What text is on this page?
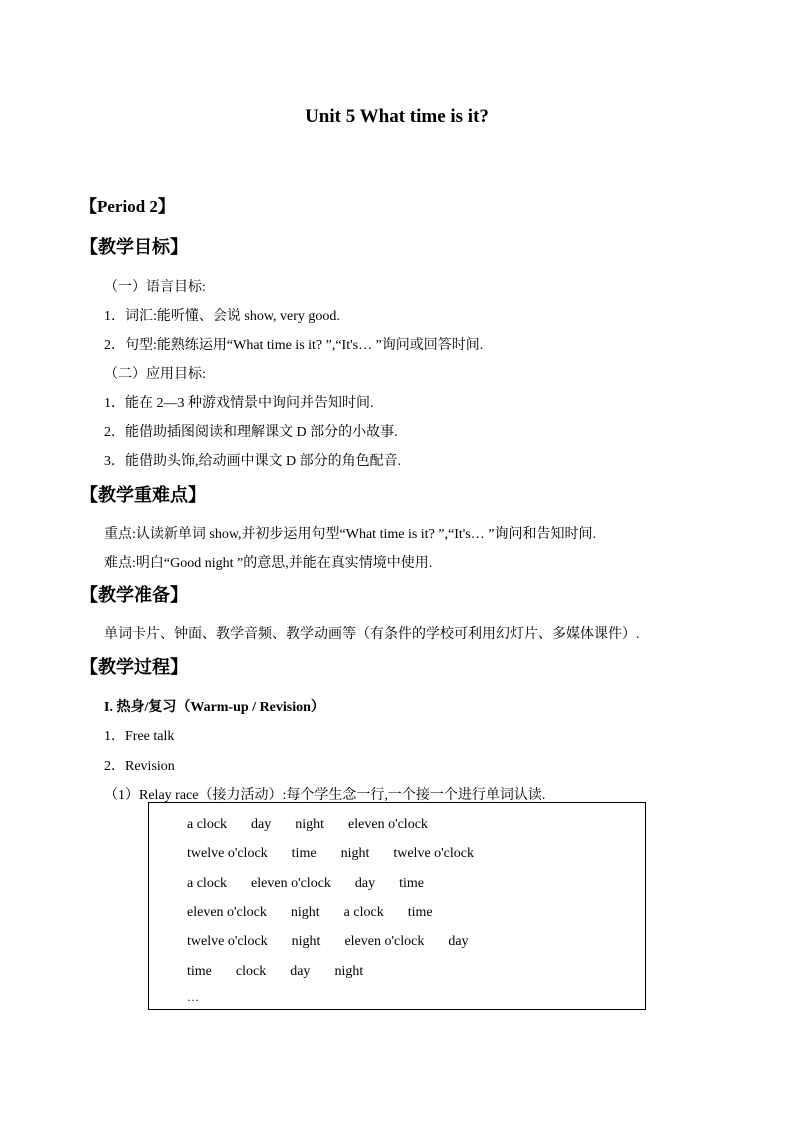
Unit 5 What time is it?
【Period 2】
【教学目标】
（一）语言目标:
1．词汇:能听懂、会说 show, very good.
2．句型:能熟练运用“What time is it? ”,“It's… ”询问或回答时间.
（二）应用目标:
1．能在 2—3 种游戏情景中询问并告知时间.
2．能借助插图阅读和理解课文 D 部分的小故事.
3．能借助头饰,给动画中课文 D 部分的角色配音.
【教学重难点】
重点:认读新单词 show,并初步运用句型“What time is it? ”,“It's… ”询问和告知时间.
难点:明白“Good night ”的意思,并能在真实情境中使用.
【教学准备】
单词卡片、钟面、教学音频、教学动画等（有条件的学校可利用幻灯片、多媒体课件）.
【教学过程】
I. 热身/复习（Warm-up / Revision）
1．Free talk
2．Revision
（1）Relay race（接力活动）:每个学生念一行,一个接一个进行单词认读.
a clock day night eleven o'clock
twelve o'clock time night twelve o'clock
a clock eleven o'clock day time
eleven o'clock night a clock time
twelve o'clock night eleven o'clock day
time clock day night
…
